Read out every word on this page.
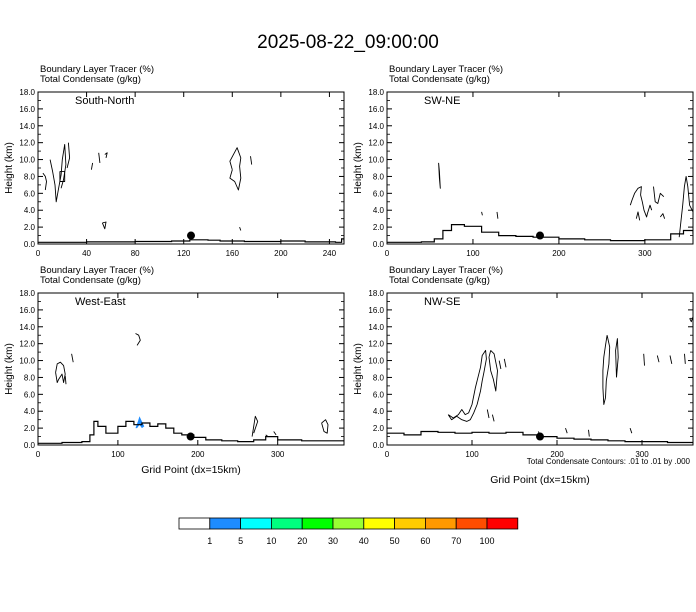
2025-08-22_09:00:00
Boundary Layer Tracer (%)
Total Condensate (g/kg)
South-North
0.0
2.0
4.0
6.0
8.0
10.0
12.0
14.0
16.0
18.0
0	40	80	120	160	200	240
Height (km)
Boundary Layer Tracer (%)
Total Condensate (g/kg)
SW-NE
0.0
2.0
4.0
6.0
8.0
10.0
12.0
14.0
16.0
18.0
0	100	200	300
Height (km)
Boundary Layer Tracer (%)
Total Condensate (g/kg)
West-East
0.0
2.0
4.0
6.0
8.0
10.0
12.0
14.0
16.0
18.0
0	100	200	300
Height (km)
Grid Point (dx=15km)
Boundary Layer Tracer (%)
Total Condensate (g/kg)
NW-SE
0.0
2.0
4.0
6.0
8.0
10.0
12.0
14.0
16.0
18.0
0	100	200	300
Height (km)
Grid Point (dx=15km)
Total Condensate Contours: .01 to .01 by .000
1	5	10 20 30 40 50 60 70 100
